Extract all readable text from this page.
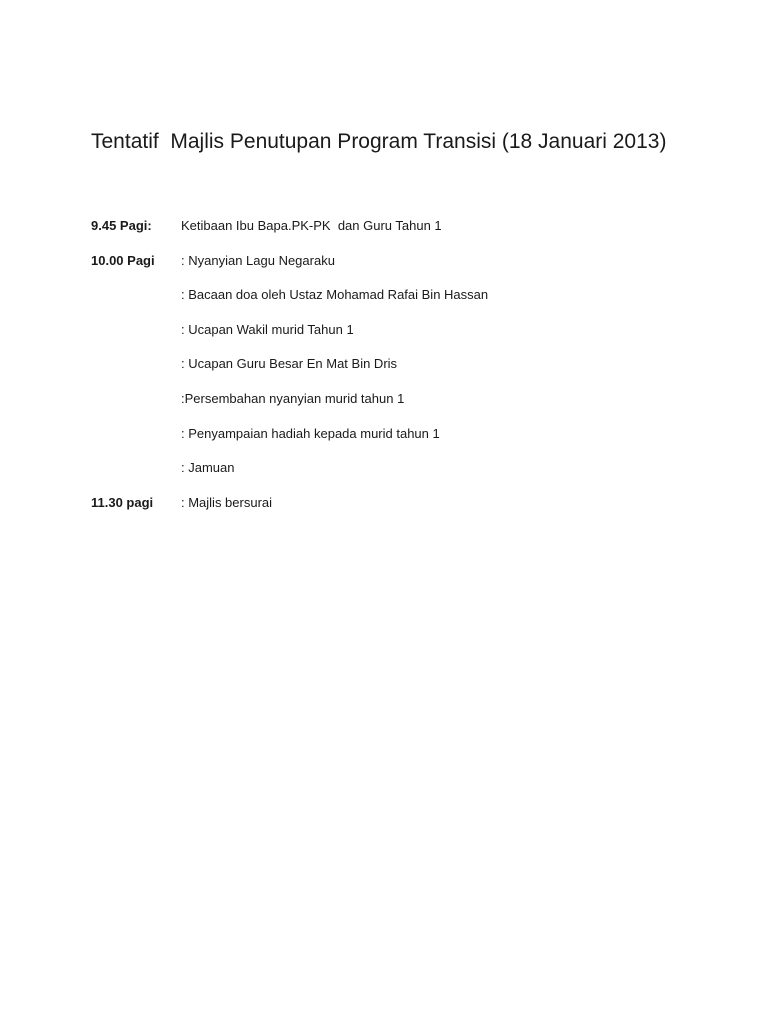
Tentatif  Majlis Penutupan Program Transisi (18 Januari 2013)
9.45 Pagi: Ketibaan Ibu Bapa.PK-PK  dan Guru Tahun 1
10.00 Pagi : Nyanyian Lagu Negaraku
: Bacaan doa oleh Ustaz Mohamad Rafai Bin Hassan
: Ucapan Wakil murid Tahun 1
: Ucapan Guru Besar En Mat Bin Dris
:Persembahan nyanyian murid tahun 1
: Penyampaian hadiah kepada murid tahun 1
: Jamuan
11.30 pagi : Majlis bersurai
